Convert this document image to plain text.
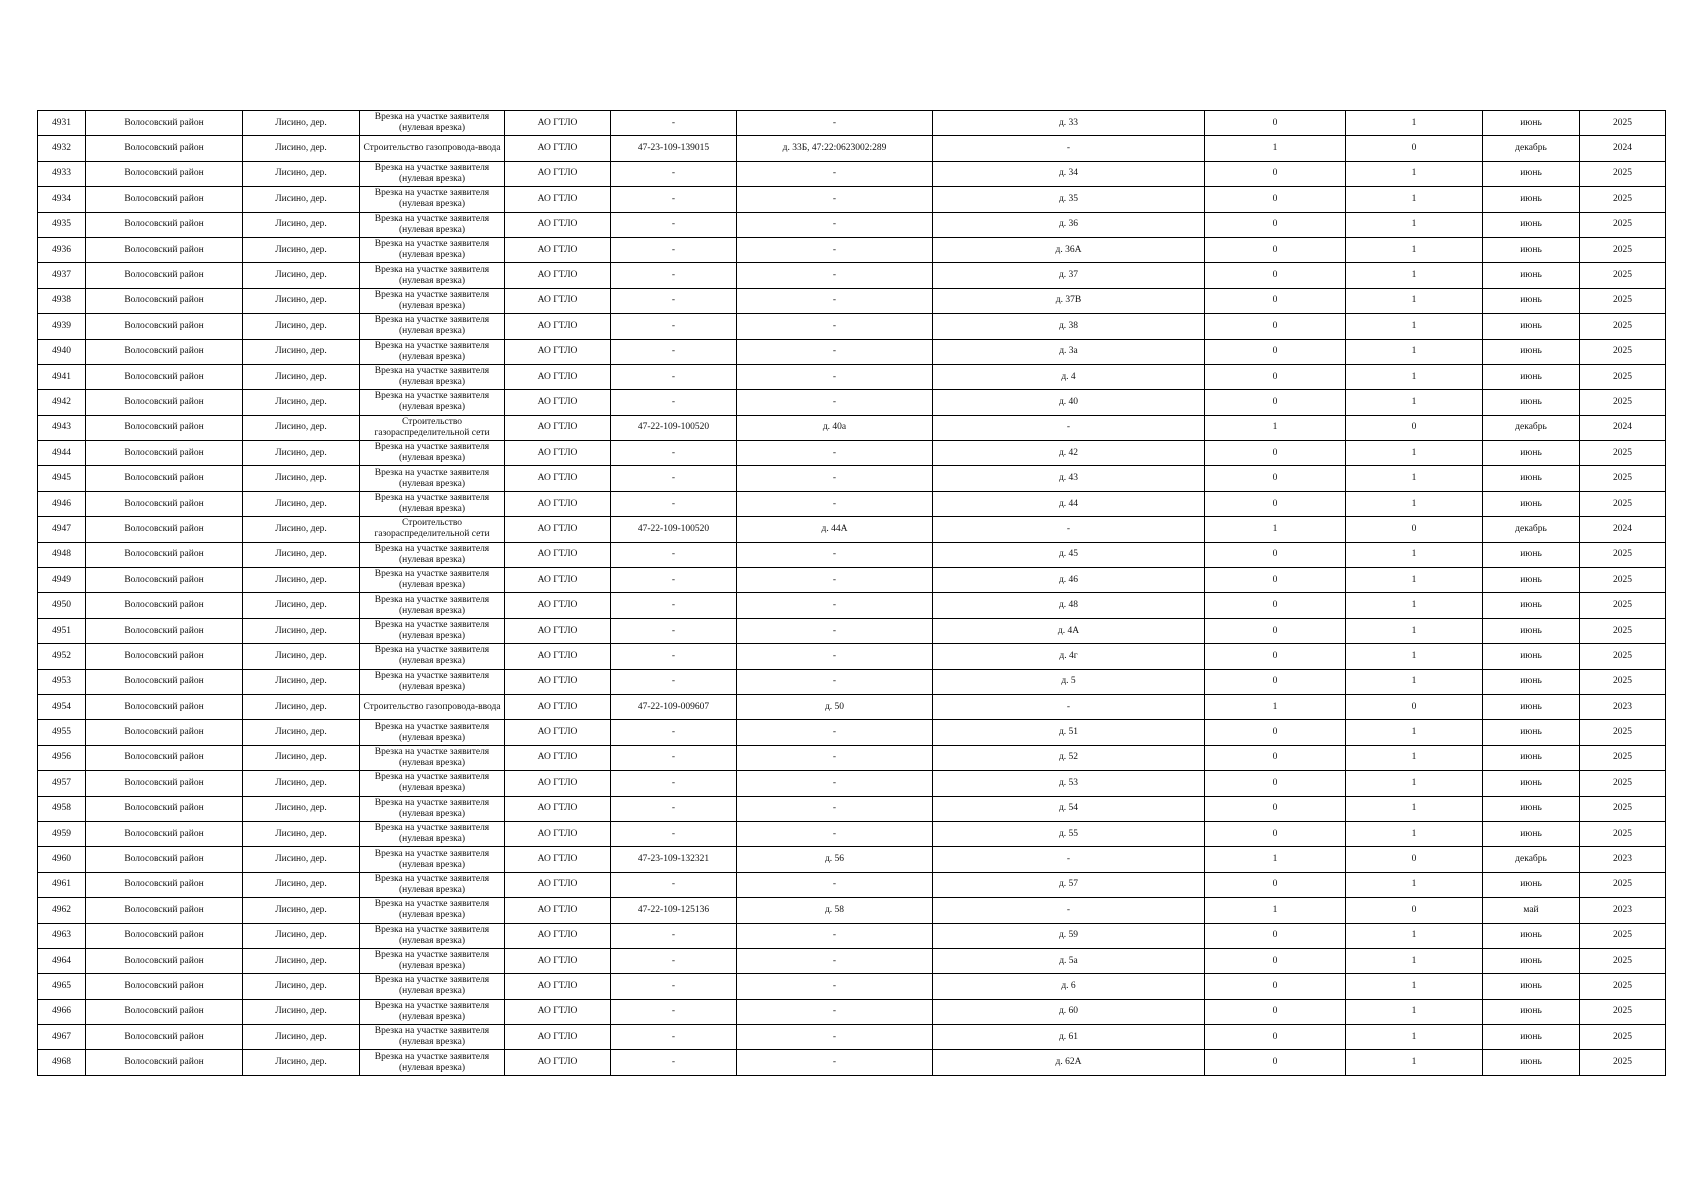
4931	Волосовский район	Лисино, дер.	Врезка на участке заявителя
(нулевая врезка)	АО ГТЛО	-	-	д. 33	0	1	июнь	2025
4932	Волосовский район	Лисино, дер.	Строительство газопровода-ввода	АО ГТЛО	47-23-109-139015	д. 33Б, 47:22:0623002:289	-	1	0	декабрь	2024
4933	Волосовский район	Лисино, дер.	Врезка на участке заявителя
(нулевая врезка)	АО ГТЛО	-	-	д. 34	0	1	июнь	2025
4934	Волосовский район	Лисино, дер.	Врезка на участке заявителя
(нулевая врезка)	АО ГТЛО	-	-	д. 35	0	1	июнь	2025
4935	Волосовский район	Лисино, дер.	Врезка на участке заявителя
(нулевая врезка)	АО ГТЛО	-	-	д. 36	0	1	июнь	2025
4936	Волосовский район	Лисино, дер.	Врезка на участке заявителя
(нулевая врезка)	АО ГТЛО	-	-	д. 36А	0	1	июнь	2025
4937	Волосовский район	Лисино, дер.	Врезка на участке заявителя
(нулевая врезка)	АО ГТЛО	-	-	д. 37	0	1	июнь	2025
4938	Волосовский район	Лисино, дер.	Врезка на участке заявителя
(нулевая врезка)	АО ГТЛО	-	-	д. 37В	0	1	июнь	2025
4939	Волосовский район	Лисино, дер.	Врезка на участке заявителя
(нулевая врезка)	АО ГТЛО	-	-	д. 38	0	1	июнь	2025
4940	Волосовский район	Лисино, дер.	Врезка на участке заявителя
(нулевая врезка)	АО ГТЛО	-	-	д. 3а	0	1	июнь	2025
4941	Волосовский район	Лисино, дер.	Врезка на участке заявителя
(нулевая врезка)	АО ГТЛО	-	-	д. 4	0	1	июнь	2025
4942	Волосовский район	Лисино, дер.	Врезка на участке заявителя
(нулевая врезка)	АО ГТЛО	-	-	д. 40	0	1	июнь	2025
4943	Волосовский район	Лисино, дер.	Строительство
газораспределительной сети	АО ГТЛО	47-22-109-100520	д. 40а	-	1	0	декабрь	2024
4944	Волосовский район	Лисино, дер.	Врезка на участке заявителя
(нулевая врезка)	АО ГТЛО	-	-	д. 42	0	1	июнь	2025
4945	Волосовский район	Лисино, дер.	Врезка на участке заявителя
(нулевая врезка)	АО ГТЛО	-	-	д. 43	0	1	июнь	2025
4946	Волосовский район	Лисино, дер.	Врезка на участке заявителя
(нулевая врезка)	АО ГТЛО	-	-	д. 44	0	1	июнь	2025
4947	Волосовский район	Лисино, дер.	Строительство
газораспределительной сети	АО ГТЛО	47-22-109-100520	д. 44А	-	1	0	декабрь	2024
4948	Волосовский район	Лисино, дер.	Врезка на участке заявителя
(нулевая врезка)	АО ГТЛО	-	-	д. 45	0	1	июнь	2025
4949	Волосовский район	Лисино, дер.	Врезка на участке заявителя
(нулевая врезка)	АО ГТЛО	-	-	д. 46	0	1	июнь	2025
4950	Волосовский район	Лисино, дер.	Врезка на участке заявителя
(нулевая врезка)	АО ГТЛО	-	-	д. 48	0	1	июнь	2025
4951	Волосовский район	Лисино, дер.	Врезка на участке заявителя
(нулевая врезка)	АО ГТЛО	-	-	д. 4А	0	1	июнь	2025
4952	Волосовский район	Лисино, дер.	Врезка на участке заявителя
(нулевая врезка)	АО ГТЛО	-	-	д. 4г	0	1	июнь	2025
4953	Волосовский район	Лисино, дер.	Врезка на участке заявителя
(нулевая врезка)	АО ГТЛО	-	-	д. 5	0	1	июнь	2025
4954	Волосовский район	Лисино, дер.	Строительство газопровода-ввода	АО ГТЛО	47-22-109-009607	д. 50	-	1	0	июнь	2023
4955	Волосовский район	Лисино, дер.	Врезка на участке заявителя
(нулевая врезка)	АО ГТЛО	-	-	д. 51	0	1	июнь	2025
4956	Волосовский район	Лисино, дер.	Врезка на участке заявителя
(нулевая врезка)	АО ГТЛО	-	-	д. 52	0	1	июнь	2025
4957	Волосовский район	Лисино, дер.	Врезка на участке заявителя
(нулевая врезка)	АО ГТЛО	-	-	д. 53	0	1	июнь	2025
4958	Волосовский район	Лисино, дер.	Врезка на участке заявителя
(нулевая врезка)	АО ГТЛО	-	-	д. 54	0	1	июнь	2025
4959	Волосовский район	Лисино, дер.	Врезка на участке заявителя
(нулевая врезка)	АО ГТЛО	-	-	д. 55	0	1	июнь	2025
4960	Волосовский район	Лисино, дер.	Врезка на участке заявителя
(нулевая врезка)	АО ГТЛО	47-23-109-132321	д. 56	-	1	0	декабрь	2023
4961	Волосовский район	Лисино, дер.	Врезка на участке заявителя
(нулевая врезка)	АО ГТЛО	-	-	д. 57	0	1	июнь	2025
4962	Волосовский район	Лисино, дер.	Врезка на участке заявителя
(нулевая врезка)	АО ГТЛО	47-22-109-125136	д. 58	-	1	0	май	2023
4963	Волосовский район	Лисино, дер.	Врезка на участке заявителя
(нулевая врезка)	АО ГТЛО	-	-	д. 59	0	1	июнь	2025
4964	Волосовский район	Лисино, дер.	Врезка на участке заявителя
(нулевая врезка)	АО ГТЛО	-	-	д. 5а	0	1	июнь	2025
4965	Волосовский район	Лисино, дер.	Врезка на участке заявителя
(нулевая врезка)	АО ГТЛО	-	-	д. 6	0	1	июнь	2025
4966	Волосовский район	Лисино, дер.	Врезка на участке заявителя
(нулевая врезка)	АО ГТЛО	-	-	д. 60	0	1	июнь	2025
4967	Волосовский район	Лисино, дер.	Врезка на участке заявителя
(нулевая врезка)	АО ГТЛО	-	-	д. 61	0	1	июнь	2025
4968	Волосовский район	Лисино, дер.	Врезка на участке заявителя
(нулевая врезка)	АО ГТЛО	-	-	д. 62А	0	1	июнь	2025
